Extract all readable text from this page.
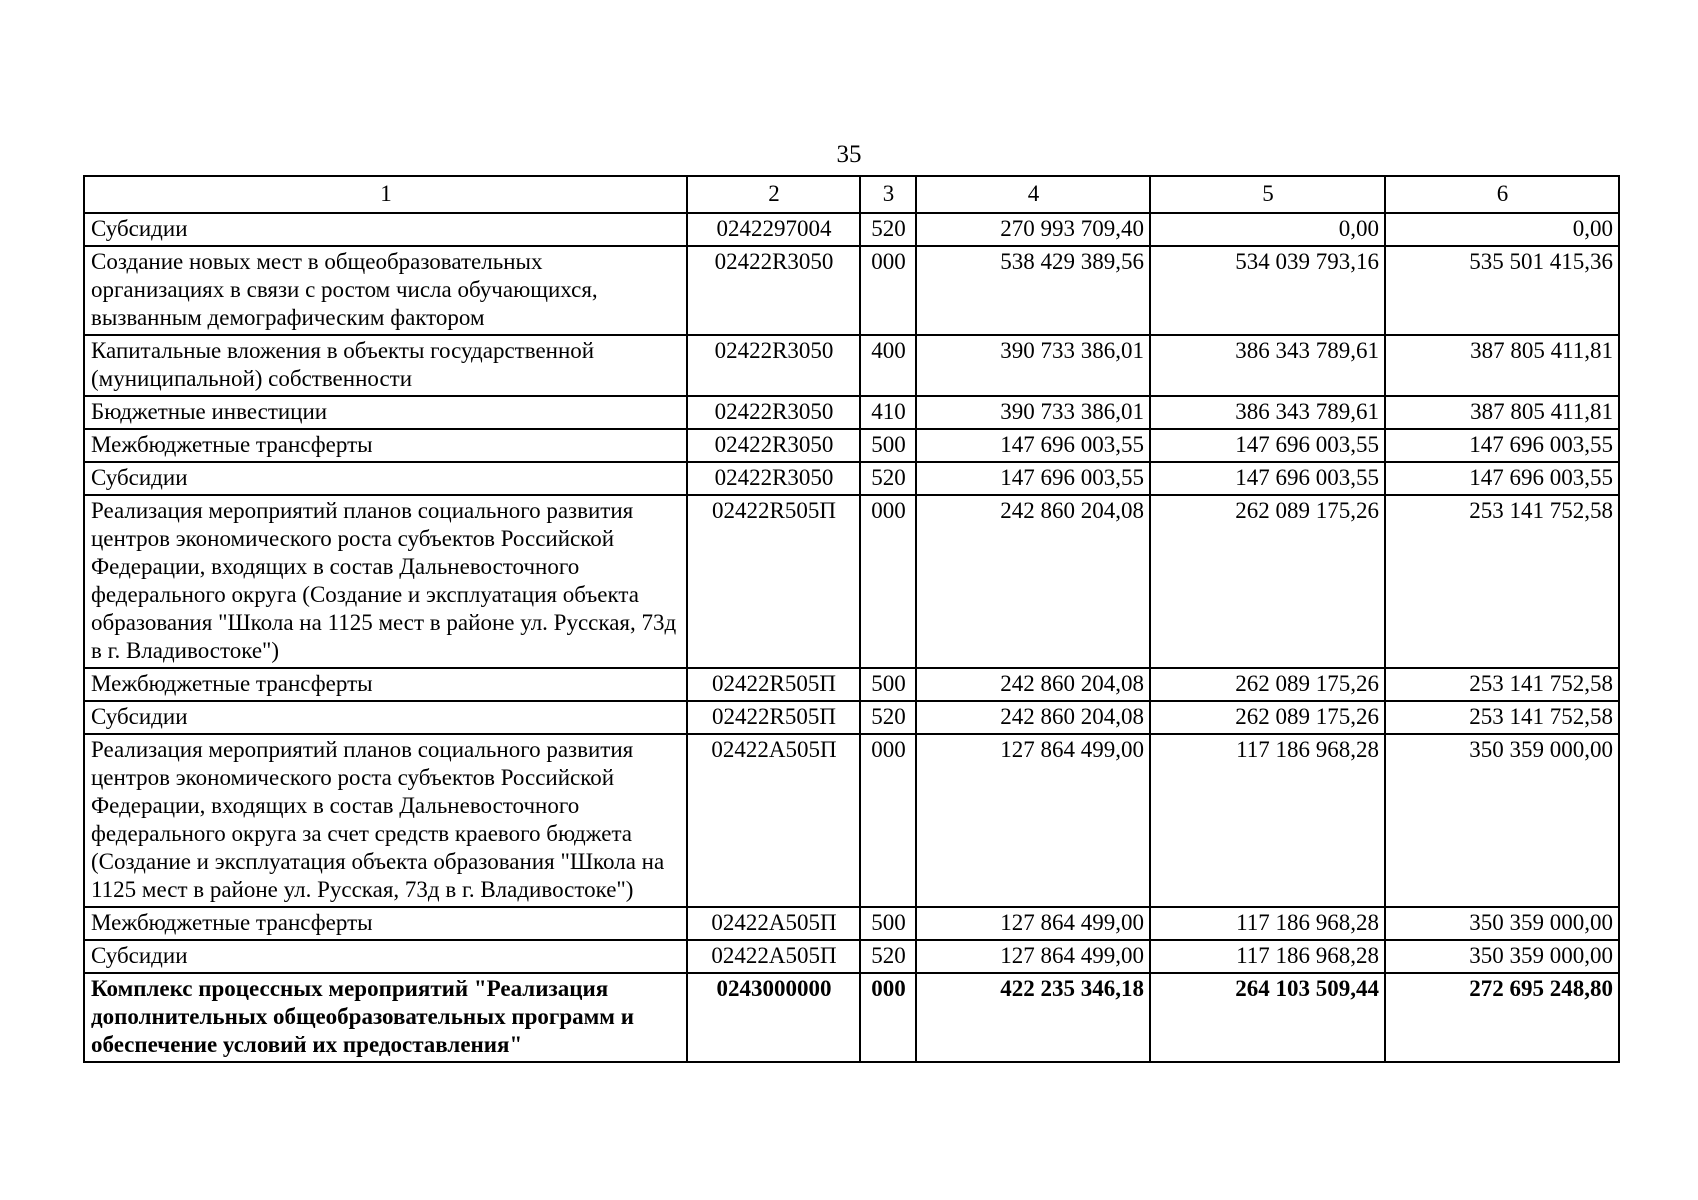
35
1	2	3	4	5	6
Субсидии	0242297004	520	270 993 709,40	0,00	0,00
Создание новых мест в общеобразовательных организациях в связи с ростом числа обучающихся, вызванным демографическим фактором	02422R3050	000	538 429 389,56	534 039 793,16	535 501 415,36
Капитальные вложения в объекты государственной (муниципальной) собственности	02422R3050	400	390 733 386,01	386 343 789,61	387 805 411,81
Бюджетные инвестиции	02422R3050	410	390 733 386,01	386 343 789,61	387 805 411,81
Межбюджетные трансферты	02422R3050	500	147 696 003,55	147 696 003,55	147 696 003,55
Субсидии	02422R3050	520	147 696 003,55	147 696 003,55	147 696 003,55
Реализация мероприятий планов социального развития центров экономического роста субъектов Российской Федерации, входящих в состав Дальневосточного федерального округа (Создание и эксплуатация объекта образования "Школа на 1125 мест в районе ул. Русская, 73д в г. Владивостоке")	02422R505П	000	242 860 204,08	262 089 175,26	253 141 752,58
Межбюджетные трансферты	02422R505П	500	242 860 204,08	262 089 175,26	253 141 752,58
Субсидии	02422R505П	520	242 860 204,08	262 089 175,26	253 141 752,58
Реализация мероприятий планов социального развития центров экономического роста субъектов Российской Федерации, входящих в состав Дальневосточного федерального округа за счет средств краевого бюджета (Создание и эксплуатация объекта образования "Школа на 1125 мест в районе ул. Русская, 73д в г. Владивостоке")	02422А505П	000	127 864 499,00	117 186 968,28	350 359 000,00
Межбюджетные трансферты	02422А505П	500	127 864 499,00	117 186 968,28	350 359 000,00
Субсидии	02422А505П	520	127 864 499,00	117 186 968,28	350 359 000,00
Комплекс процессных мероприятий "Реализация дополнительных общеобразовательных программ и обеспечение условий их предоставления"	0243000000	000	422 235 346,18	264 103 509,44	272 695 248,80
